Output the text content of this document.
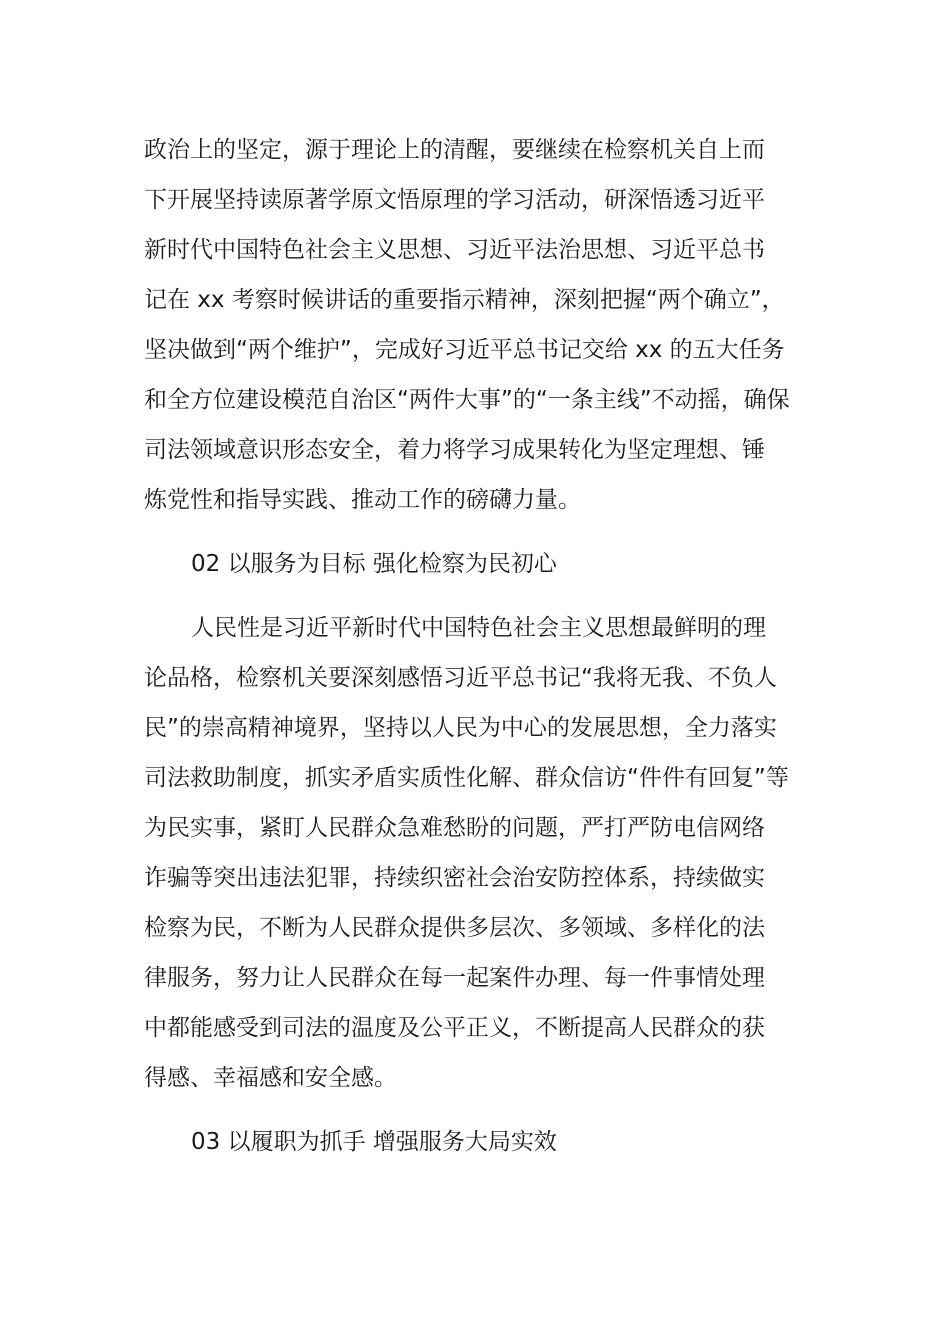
政治上的坚定，源于理论上的清醒，要继续在检察机关自上而

下开展坚持读原著学原文悟原理的学习活动，研深悟透习近平

新时代中国特色社会主义思想、习近平法治思想、习近平总书

记在 xx 考察时候讲话的重要指示精神，深刻把握“两个确立”，

坚决做到“两个维护”，完成好习近平总书记交给 xx 的五大任务

和全方位建设模范自治区“两件大事”的“一条主线”不动摇，确保

司法领域意识形态安全，着力将学习成果转化为坚定理想、锤

炼党性和指导实践、推动工作的磅礴力量。

02 以服务为目标 强化检察为民初心

人民性是习近平新时代中国特色社会主义思想最鲜明的理

论品格，检察机关要深刻感悟习近平总书记“我将无我、不负人

民”的崇高精神境界，坚持以人民为中心的发展思想，全力落实

司法救助制度，抓实矛盾实质性化解、群众信访“件件有回复”等

为民实事，紧盯人民群众急难愁盼的问题，严打严防电信网络

诈骗等突出违法犯罪，持续织密社会治安防控体系，持续做实

检察为民，不断为人民群众提供多层次、多领域、多样化的法

律服务，努力让人民群众在每一起案件办理、每一件事情处理

中都能感受到司法的温度及公平正义，不断提高人民群众的获

得感、幸福感和安全感。

03 以履职为抓手 增强服务大局实效
